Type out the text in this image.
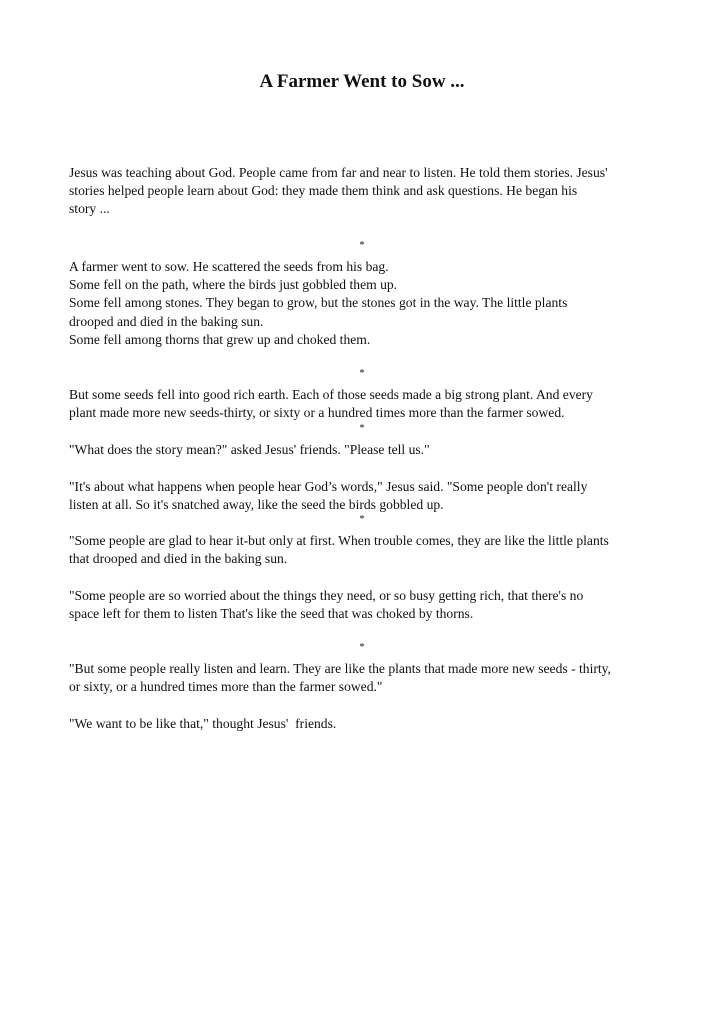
A Farmer Went to Sow ...
Jesus was teaching about God. People came from far and near to listen. He told them stories. Jesus'
stories helped people learn about God: they made them think and ask questions. He began his
story ...
*
A farmer went to sow. He scattered the seeds from his bag.
Some fell on the path, where the birds just gobbled them up.
Some fell among stones. They began to grow, but the stones got in the way. The little plants
drooped and died in the baking sun.
Some fell among thorns that grew up and choked them.
*
But some seeds fell into good rich earth. Each of those seeds made a big strong plant. And every
plant made more new seeds-thirty, or sixty or a hundred times more than the farmer sowed.
*
"What does the story mean?" asked Jesus' friends. "Please tell us."
"It's about what happens when people hear God’s words," Jesus said. "Some people don't really
listen at all. So it's snatched away, like the seed the birds gobbled up.
*
"Some people are glad to hear it-but only at first. When trouble comes, they are like the little plants
that drooped and died in the baking sun.
"Some people are so worried about the things they need, or so busy getting rich, that there's no
space left for them to listen That's like the seed that was choked by thorns.
*
"But some people really listen and learn. They are like the plants that made more new seeds - thirty,
or sixty, or a hundred times more than the farmer sowed."
"We want to be like that," thought Jesus'  friends.
